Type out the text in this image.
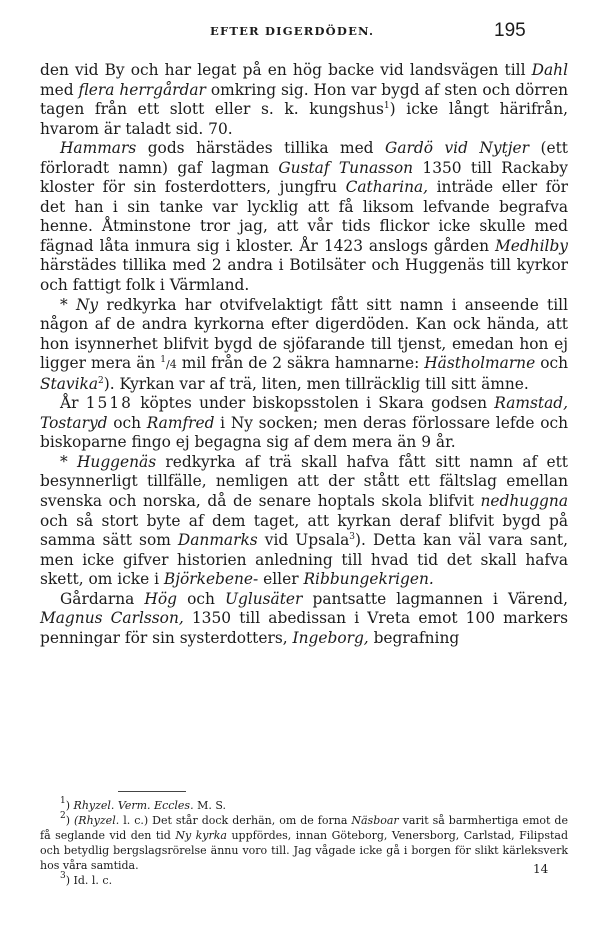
EFTER DIGERDÖDEN.	195

den vid By och har legat på en hög backe vid landsvägen till Dahl med flera herrgårdar omkring sig. Hon var bygd af sten och dörren tagen från ett slott eller s. k. kungshus$^1$) icke långt härifrån, hvarom är taladt sid. 70.

Hammars gods härstädes tillika med Gardö vid Nytjer (ett förloradt namn) gaf lagman Gustaf Tunasson 1350 till Rackaby kloster för sin fosterdotters, jungfru Catharina, inträde eller för det han i sin tanke var lycklig att få liksom lefvande begrafva henne. Åtminstone tror jag, att vår tids flickor icke skulle med fägnad låta inmura sig i kloster. År 1423 anslogs gården Medhilby härstädes tillika med 2 andra i Botilsäter och Huggenäs till kyrkor och fattigt folk i Värmland.

* Ny redkyrka har otvifvelaktigt fått sitt namn i anseende till någon af de andra kyrkorna efter digerdöden. Kan ock hända, att hon isynnerhet blifvit bygd de sjöfarande till tjenst, emedan hon ej ligger mera än $^1$/4 mil från de 2 säkra hamnarne: Hästholmarne och Stavika$^2$). Kyrkan var af trä, liten, men tillräcklig till sitt ämne.

År 1518 köptes under biskopsstolen i Skara godsen Ramstad, Tostaryd och Ramfred i Ny socken; men deras förlossare lefde och biskoparne fingo ej begagna sig af dem mera än 9 år.

* Huggenäs redkyrka af trä skall hafva fått sitt namn af ett besynnerligt tillfälle, nemligen att der stått ett fältslag emellan svenska och norska, då de senare hoptals skola blifvit nedhuggna och så stort byte af dem taget, att kyrkan deraf blifvit bygd på samma sätt som Danmarks vid Upsala$^3$). Detta kan väl vara sant, men icke gifver historien anledning till hvad tid det skall hafva skett, om icke i Björkebene- eller Ribbungekrigen.

Gårdarna Hög och Uglusäter pantsatte lagmannen i Värend, Magnus Carlsson, 1350 till abedissan i Vreta emot 100 markers penningar för sin systerdotters, Ingeborg, begrafning

$^1$) Rhyzel. Verm. Eccles. M. S.

$^2$) (Rhyzel. l. c.) Det står dock derhän, om de forna Näsboar varit så barmhertiga emot de få seglande vid den tid Ny kyrka uppfördes, innan Göteborg, Venersborg, Carlstad, Filipstad och betydlig bergslagsrörelse ännu voro till. Jag vågade icke gå i borgen för slikt kärleksverk hos våra samtida.

$^3$) Id. l. c.

14
